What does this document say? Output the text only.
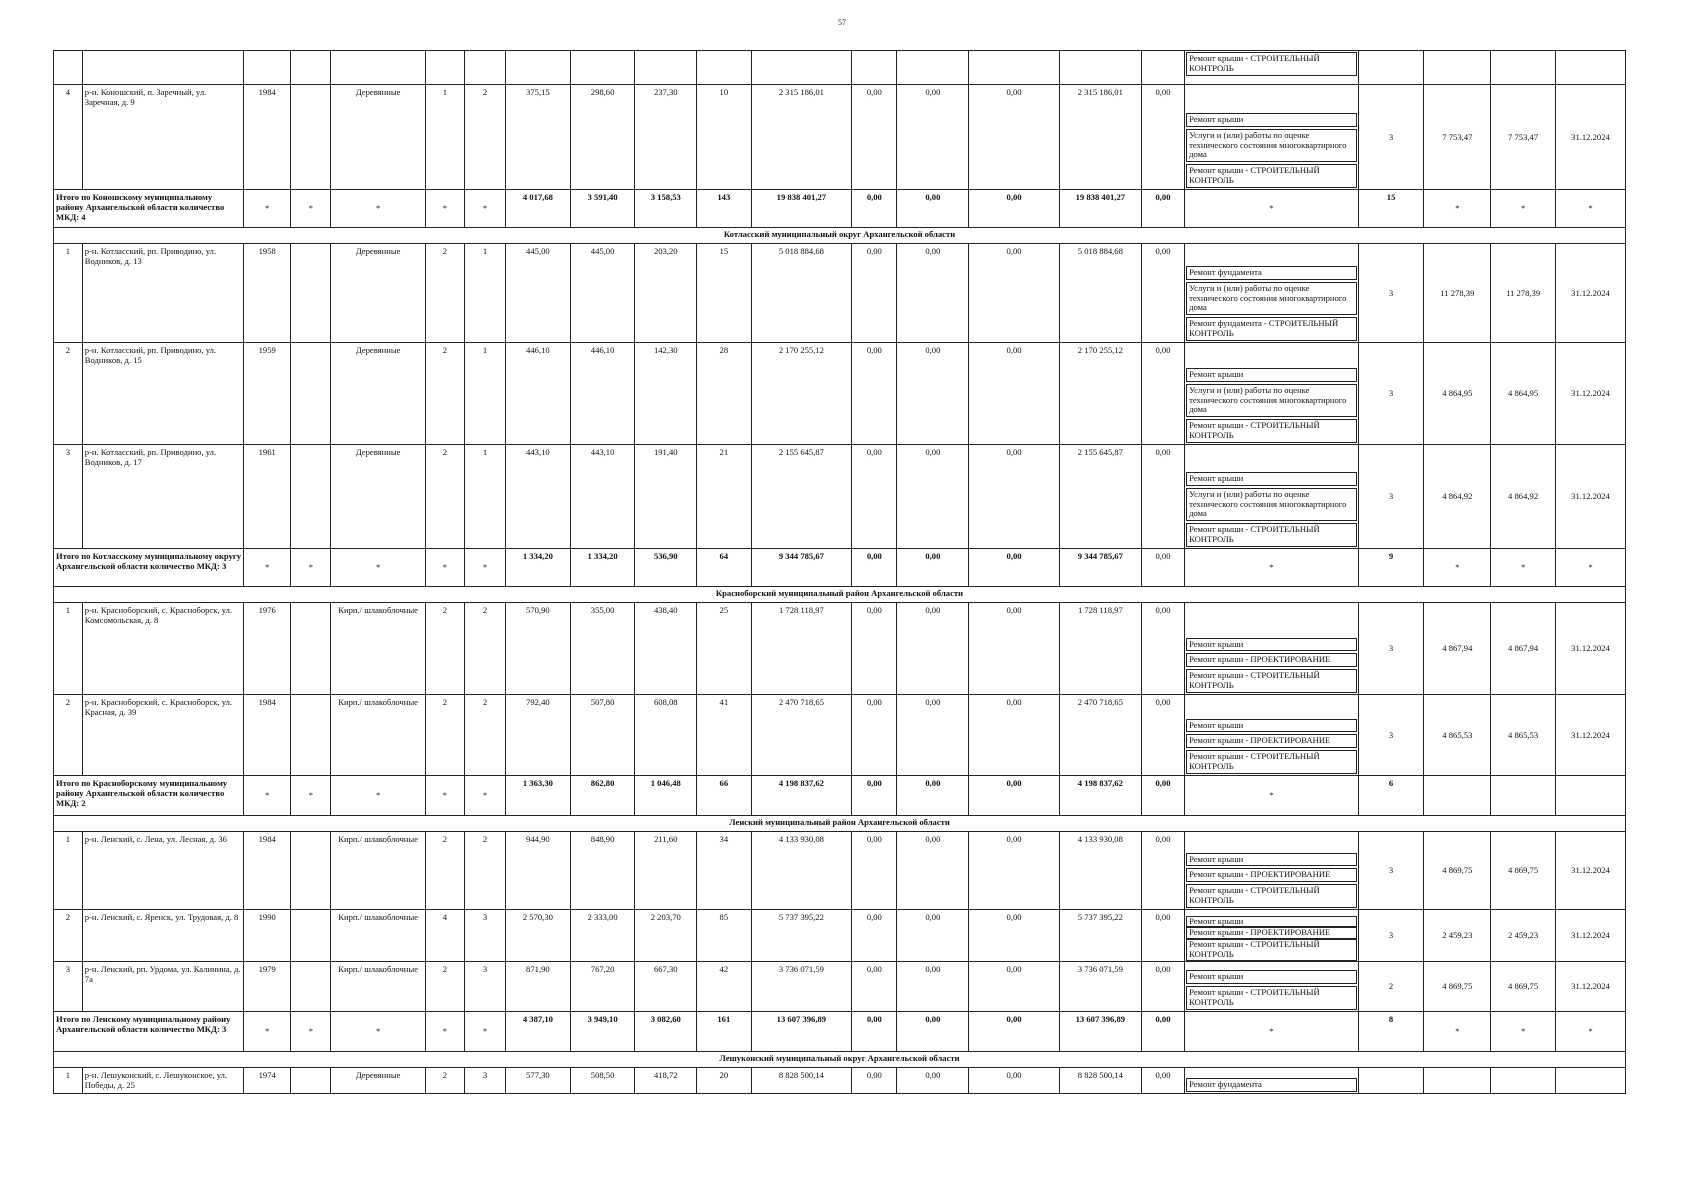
57

																	Ремонт крыши - СТРОИТЕЛЬНЫЙ КОНТРОЛЬ				

4	р-н. Коношский, п. Заречный, ул. Заречная, д. 9	1984		Деревянные	1	2	375,15	298,60	237,30	10	2 315 186,01	0,00	0,00	0,00	2 315 186,01	0,00	Ремонт крыши
Услуги и (или) работы по оценке технического состояния многоквартирного дома
Ремонт крыши - СТРОИТЕЛЬНЫЙ КОНТРОЛЬ	3	7 753,47	7 753,47	31.12.2024
Итого по Коношскому муниципальному району Архангельской области количество МКД: 4		*	*	*	*	*	4 017,68	3 591,40	3 158,53	143	19 838 401,27	0,00	0,00	0,00	19 838 401,27	0,00	*	15	*	*	*
Котласский муниципальный округ Архангельской области																					
1	р-н. Котласский, рп. Приводино, ул. Водников, д. 13	1958		Деревянные	2	1	445,00	445,00	203,20	15	5 018 884,68	0,00	0,00	0,00	5 018 884,68	0,00	Ремонт фундамента
Услуги и (или) работы по оценке технического состояния многоквартирного дома
Ремонт фундамента - СТРОИТЕЛЬНЫЙ КОНТРОЛЬ	3	11 278,39	11 278,39	31.12.2024
2	р-н. Котласский, рп. Приводино, ул. Водников, д. 15	1959		Деревянные	2	1	446,10	446,10	142,30	28	2 170 255,12	0,00	0,00	0,00	2 170 255,12	0,00	Ремонт крыши
Услуги и (или) работы по оценке технического состояния многоквартирного дома
Ремонт крыши - СТРОИТЕЛЬНЫЙ КОНТРОЛЬ	3	4 864,95	4 864,95	31.12.2024
3	р-н. Котласский, рп. Приводино, ул. Водников, д. 17	1961		Деревянные	2	1	443,10	443,10	191,40	21	2 155 645,87	0,00	0,00	0,00	2 155 645,87	0,00	Ремонт крыши
Услуги и (или) работы по оценке технического состояния многоквартирного дома
Ремонт крыши - СТРОИТЕЛЬНЫЙ КОНТРОЛЬ	3	4 864,92	4 864,92	31.12.2024
Итого по Котласскому муниципальному округу Архангельской области количество МКД: 3		*	*	*	*	*	1 334,20	1 334,20	536,90	64	9 344 785,67	0,00	0,00	0,00	9 344 785,67	0,00	*	9	*	*	*
Красноборский муниципальный район Архангельской области																					
1	р-н. Красноборский, с. Красноборск, ул. Комсомольская, д. 8	1976		Кирп./ шлакоблочные	2	2	570,90	355,00	438,40	25	1 728 118,97	0,00	0,00	0,00	1 728 118,97	0,00	Ремонт крыши
Ремонт крыши - ПРОЕКТИРОВАНИЕ
Ремонт крыши - СТРОИТЕЛЬНЫЙ КОНТРОЛЬ	3	4 867,94	4 867,94	31.12.2024
2	р-н. Красноборский, с. Красноборск, ул. Красная, д. 39	1984		Кирп./ шлакоблочные	2	2	792,40	507,80	608,08	41	2 470 718,65	0,00	0,00	0,00	2 470 718,65	0,00	Ремонт крыши
Ремонт крыши - ПРОЕКТИРОВАНИЕ
Ремонт крыши - СТРОИТЕЛЬНЫЙ КОНТРОЛЬ	3	4 865,53	4 865,53	31.12.2024
Итого по Красноборскому муниципальному району Архангельской области количество МКД: 2		*	*	*	*	*	1 363,30	862,80	1 046,48	66	4 198 837,62	0,00	0,00	0,00	4 198 837,62	0,00	*	6			
Ленский муниципальный район Архангельской области																					
1	р-н. Ленский, с. Лена, ул. Лесная, д. 36	1984		Кирп./ шлакоблочные	2	2	944,90	848,90	211,60	34	4 133 930,08	0,00	0,00	0,00	4 133 930,08	0,00	Ремонт крыши
Ремонт крыши - ПРОЕКТИРОВАНИЕ
Ремонт крыши - СТРОИТЕЛЬНЫЙ КОНТРОЛЬ	3	4 869,75	4 869,75	31.12.2024
2	р-н. Ленский, с. Яренск, ул. Трудовая, д. 8	1990		Кирп./ шлакоблочные	4	3	2 570,30	2 333,00	2 203,70	85	5 737 395,22	0,00	0,00	0,00	5 737 395,22	0,00	Ремонт крыши
Ремонт крыши - ПРОЕКТИРОВАНИЕ
Ремонт крыши - СТРОИТЕЛЬНЫЙ КОНТРОЛЬ	3	2 459,23	2 459,23	31.12.2024
3	р-н. Ленский, рп. Урдома, ул. Калинина, д. 7а	1979		Кирп./ шлакоблочные	2	3	871,90	767,20	667,30	42	3 736 071,59	0,00	0,00	0,00	3 736 071,59	0,00	Ремонт крыши
Ремонт крыши - СТРОИТЕЛЬНЫЙ КОНТРОЛЬ	2	4 869,75	4 869,75	31.12.2024
Итого по Ленскому муниципальному району Архангельской области количество МКД: 3		*	*	*	*	*	4 387,10	3 949,10	3 082,60	161	13 607 396,89	0,00	0,00	0,00	13 607 396,89	0,00	*	8	*	*	*
Лешуконский муниципальный округ Архангельской области																					
1	р-н. Лешуконский, с. Лешуконское, ул. Победы, д. 25	1974		Деревянные	2	3	577,30	508,50	418,72	20	8 828 500,14	0,00	0,00	0,00	8 828 500,14	0,00	Ремонт фундамента				
